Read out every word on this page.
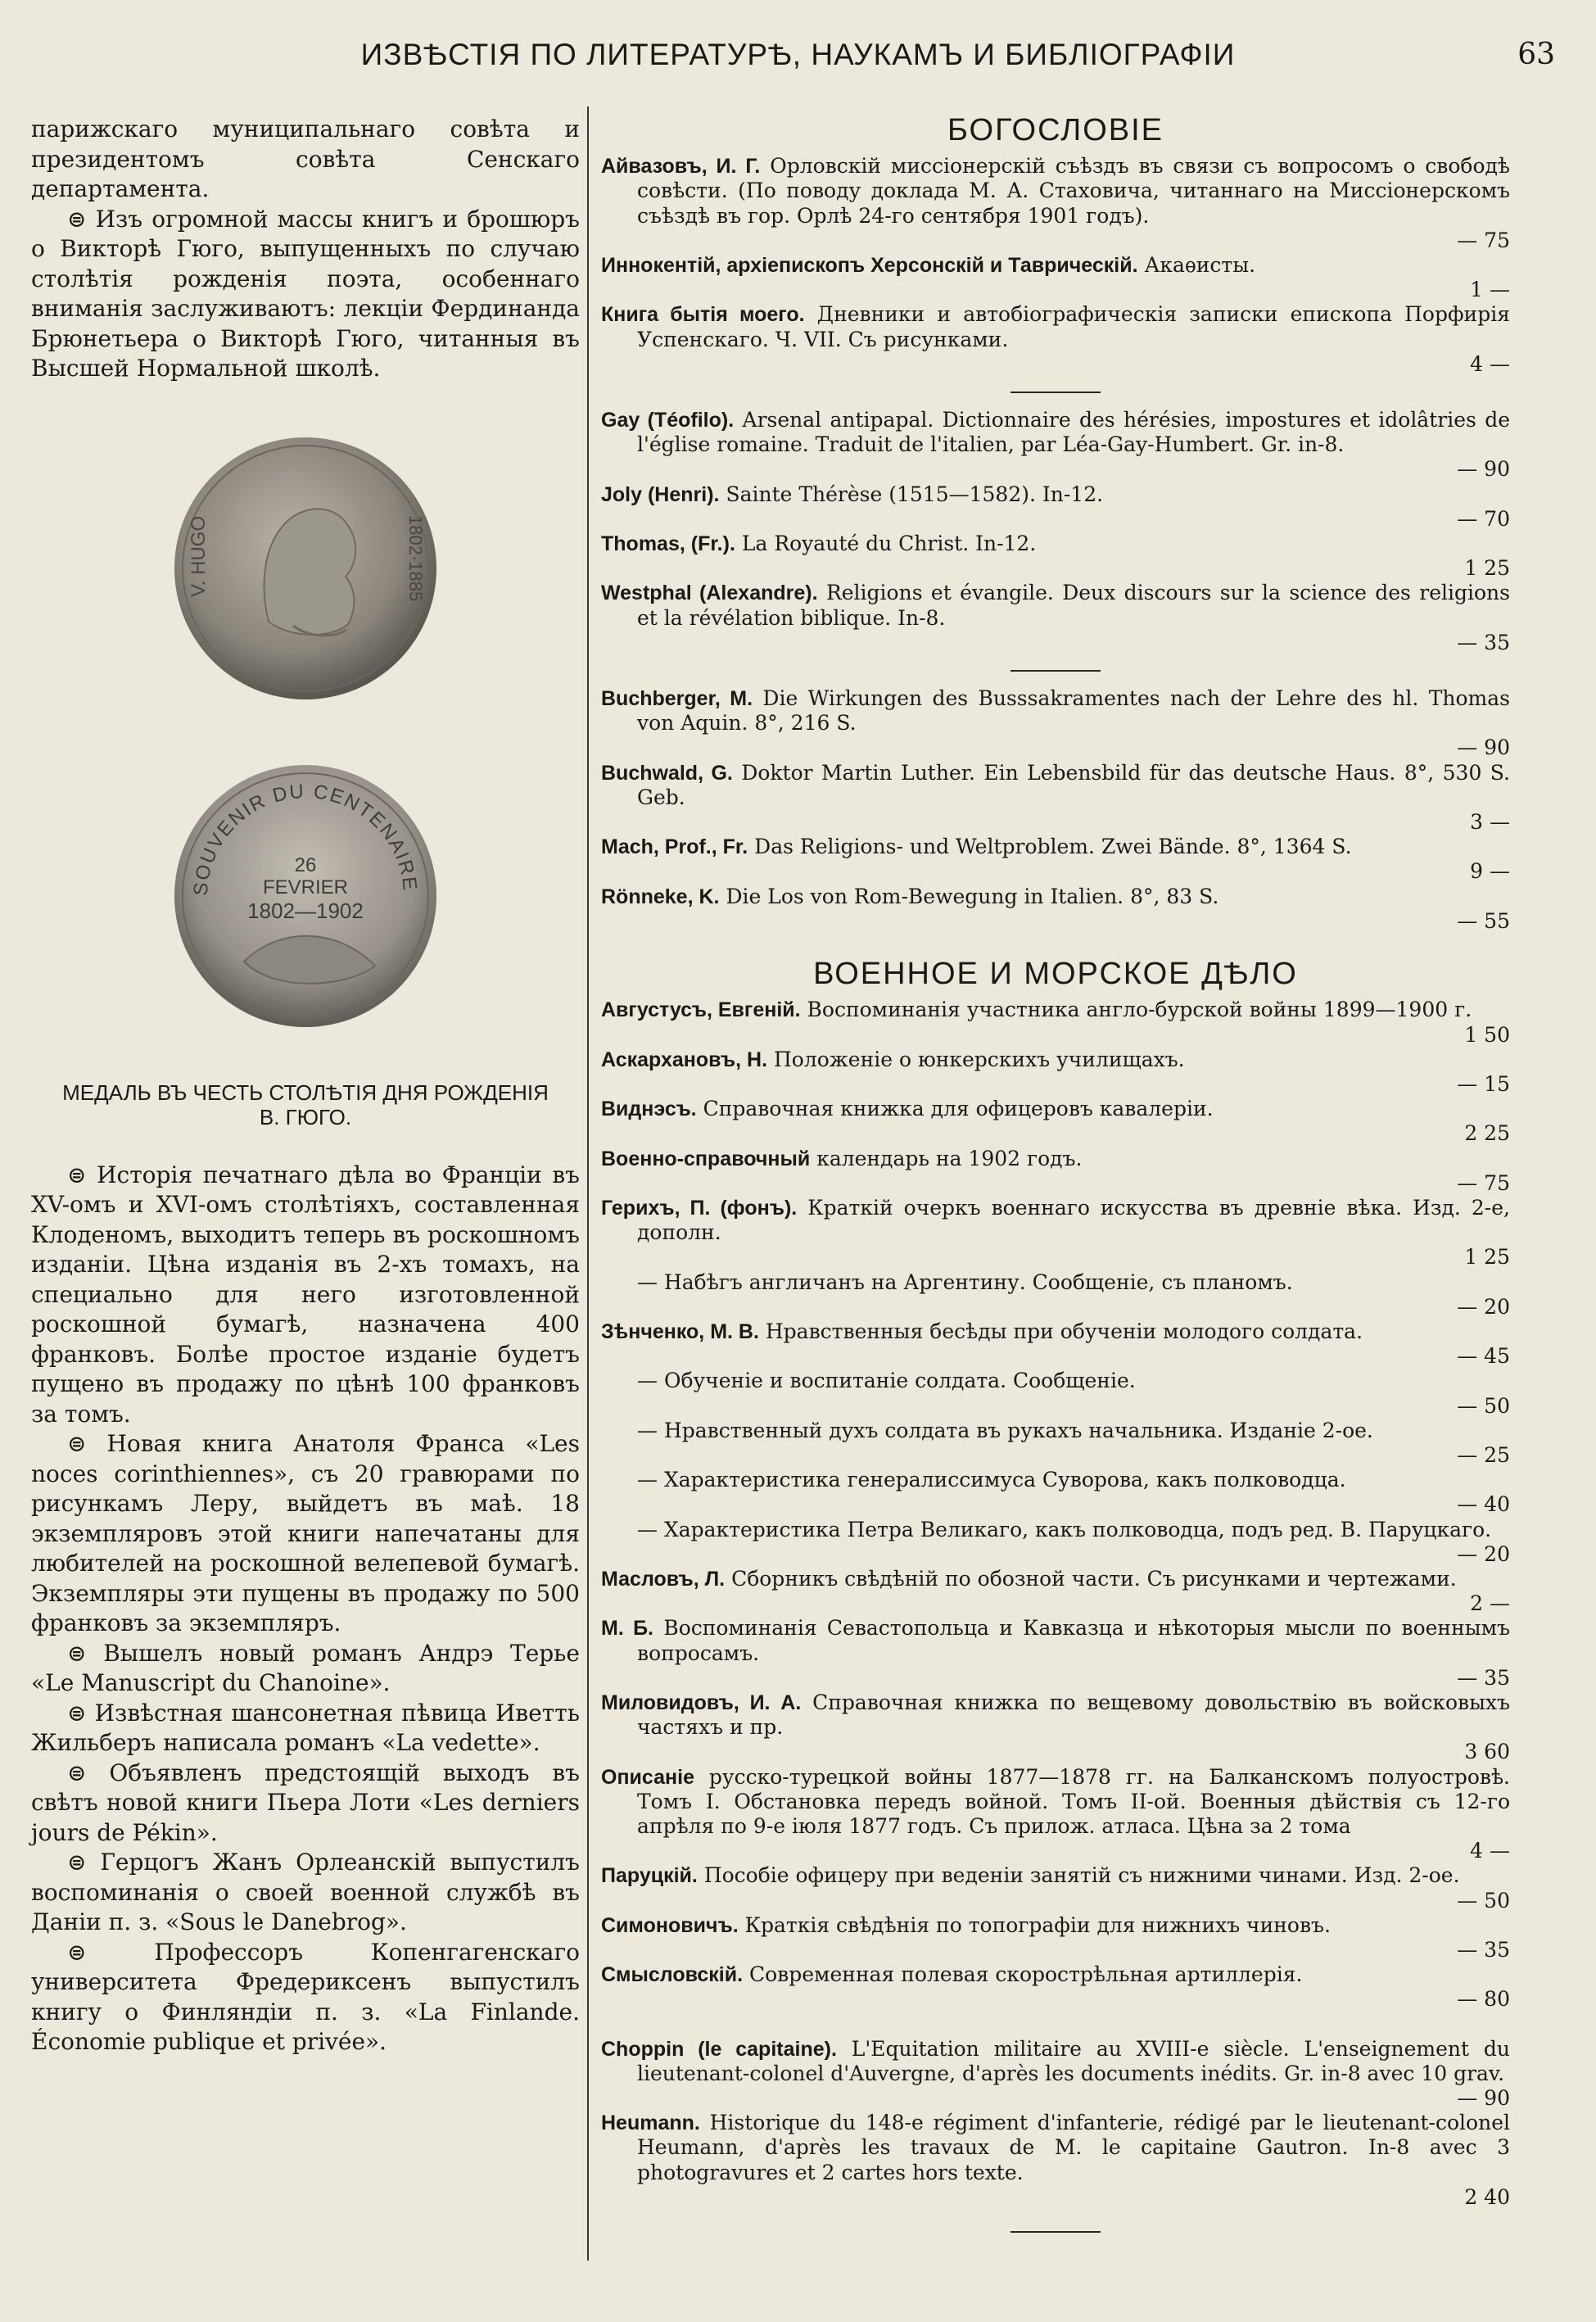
ИЗВѢСТІЯ ПО ЛИТЕРАТУРѢ, НАУКАМЪ И БИБЛІОГРАФІИ	63

парижскаго муниципальнаго совѣта и президентомъ совѣта Сенскаго департамента.

⊜ Изъ огромной массы книгъ и брошюръ о Викторѣ Гюго, выпущенныхъ по случаю столѣтія рожденія поэта, особеннаго вниманія заслуживаютъ: лекціи Фердинанда Брюнетьера о Викторѣ Гюго, читанныя въ Высшей Нормальной школѣ.

V. HUGO	1802·1885
SOUVENIR DU CENTENAIRE
26
FEVRIER
1802—1902
МЕДАЛЬ ВЪ ЧЕСТЬ СТОЛѢТІЯ ДНЯ РОЖДЕНІЯ
В. ГЮГО.

⊜ Исторія печатнаго дѣла во Франціи въ XV-омъ и XVI-омъ столѣтіяхъ, составленная Клоденомъ, выходитъ теперь въ роскошномъ изданіи. Цѣна изданія въ 2-хъ томахъ, на специально для него изготовленной роскошной бумагѣ, назначена 400 франковъ. Болѣе простое изданіе будетъ пущено въ продажу по цѣнѣ 100 франковъ за томъ.

⊜ Новая книга Анатоля Франса «Les noces corinthiennes», съ 20 гравюрами по рисункамъ Леру, выйдетъ въ маѣ. 18 экземпляровъ этой книги напечатаны для любителей на роскошной велепевой бумагѣ. Экземпляры эти пущены въ продажу по 500 франковъ за экземпляръ.

⊜ Вышелъ новый романъ Андрэ Терье «Le Manuscript du Chanoine».

⊜ Извѣстная шансонетная пѣвица Иветть Жильберъ написала романъ «La vedette».

⊜ Объявленъ предстоящій выходъ въ свѣтъ новой книги Пьера Лоти «Les derniers jours de Pékin».

⊜ Герцогъ Жанъ Орлеанскій выпустилъ воспоминанія о своей военной службѣ въ Даніи п. з. «Sous le Danebrog».

⊜ Профессоръ Копенгагенскаго университета Фредериксенъ выпустилъ книгу о Финляндіи п. з. «La Finlande. Économie publique et privée».

БОГОСЛОВІЕ
Айвазовъ, И. Г. Орловскій миссіонерскій съѣздъ въ связи съ вопросомъ о свободѣ совѣсти. (По поводу доклада М. А. Стаховича, читаннаго на Миссіонерскомъ съѣздѣ въ гор. Орлѣ 24-го сентября 1901 годъ).
— 75
Иннокентій, архіепископъ Херсонскій и Таврическій. Акаѳисты.
1 —
Книга бытія моего. Дневники и автобіографическія записки епископа Порфирія Успенскаго. Ч. VII. Съ рисунками.
4 —
Gay (Téofilo). Arsenal antipapal. Dictionnaire des hérésies, impostures et idolâtries de l'église romaine. Traduit de l'italien, par Léa-Gay-Humbert. Gr. in-8.
— 90
Joly (Henri). Sainte Thérèse (1515—1582). In-12.
— 70
Thomas, (Fr.). La Royauté du Christ. In-12.
1 25
Westphal (Alexandre). Religions et évangile. Deux discours sur la science des religions et la révélation biblique. In-8.
— 35
Buchberger, M. Die Wirkungen des Busssakramentes nach der Lehre des hl. Thomas von Aquin. 8°, 216 S.
— 90
Buchwald, G. Doktor Martin Luther. Ein Lebensbild für das deutsche Haus. 8°, 530 S. Geb.
3 —
Mach, Prof., Fr. Das Religions- und Weltproblem. Zwei Bände. 8°, 1364 S.
9 —
Rönneke, K. Die Los von Rom-Bewegung in Italien. 8°, 83 S.
— 55
ВОЕННОЕ И МОРСКОЕ ДѢЛО
Августусъ, Евгеній. Воспоминанія участника англо-бурской войны 1899—1900 г.
1 50
Аскархановъ, Н. Положеніе о юнкерскихъ училищахъ.
— 15
Виднэсъ. Справочная книжка для офицеровъ кавалеріи.
2 25
Военно-справочный календарь на 1902 годъ.
— 75
Герихъ, П. (фонъ). Краткій очеркъ военнаго искусства въ древніе вѣка. Изд. 2-е, дополн.
1 25
— Набѣгъ англичанъ на Аргентину. Сообщеніе, съ планомъ.
— 20
Зѣнченко, М. В. Нравственныя бесѣды при обученіи молодого солдата.
— 45
— Обученіе и воспитаніе солдата. Сообщеніе.
— 50
— Нравственный духъ солдата въ рукахъ начальника. Изданіе 2-ое.
— 25
— Характеристика генералиссимуса Суворова, какъ полководца.
— 40
— Характеристика Петра Великаго, какъ полководца, подъ ред. В. Паруцкаго.
— 20
Масловъ, Л. Сборникъ свѣдѣній по обозной части. Съ рисунками и чертежами.
2 —
М. Б. Воспоминанія Севастопольца и Кавказца и нѣкоторыя мысли по военнымъ вопросамъ.
— 35
Миловидовъ, И. А. Справочная книжка по вещевому довольствію въ войсковыхъ частяхъ и пр.
3 60
Описаніе русско-турецкой войны 1877—1878 гг. на Балканскомъ полуостровѣ. Томъ I. Обстановка передъ войной. Томъ II-ой. Военныя дѣйствія съ 12-го апрѣля по 9-е іюля 1877 годъ. Съ прилож. атласа. Цѣна за 2 тома
4 —
Паруцкій. Пособіе офицеру при веденіи занятій съ нижними чинами. Изд. 2-ое.
— 50
Симоновичъ. Краткія свѣдѣнія по топографіи для нижнихъ чиновъ.
— 35
Смысловскій. Современная полевая скорострѣльная артиллерія.
— 80
Choppin (le capitaine). L'Equitation militaire au XVIII-e siècle. L'enseignement du lieutenant-colonel d'Auvergne, d'après les documents inédits. Gr. in-8 avec 10 grav.
— 90
Heumann. Historique du 148-e régiment d'infanterie, rédigé par le lieutenant-colonel Heumann, d'après les travaux de M. le capitaine Gautron. In-8 avec 3 photogravures et 2 cartes hors texte.
2 40
